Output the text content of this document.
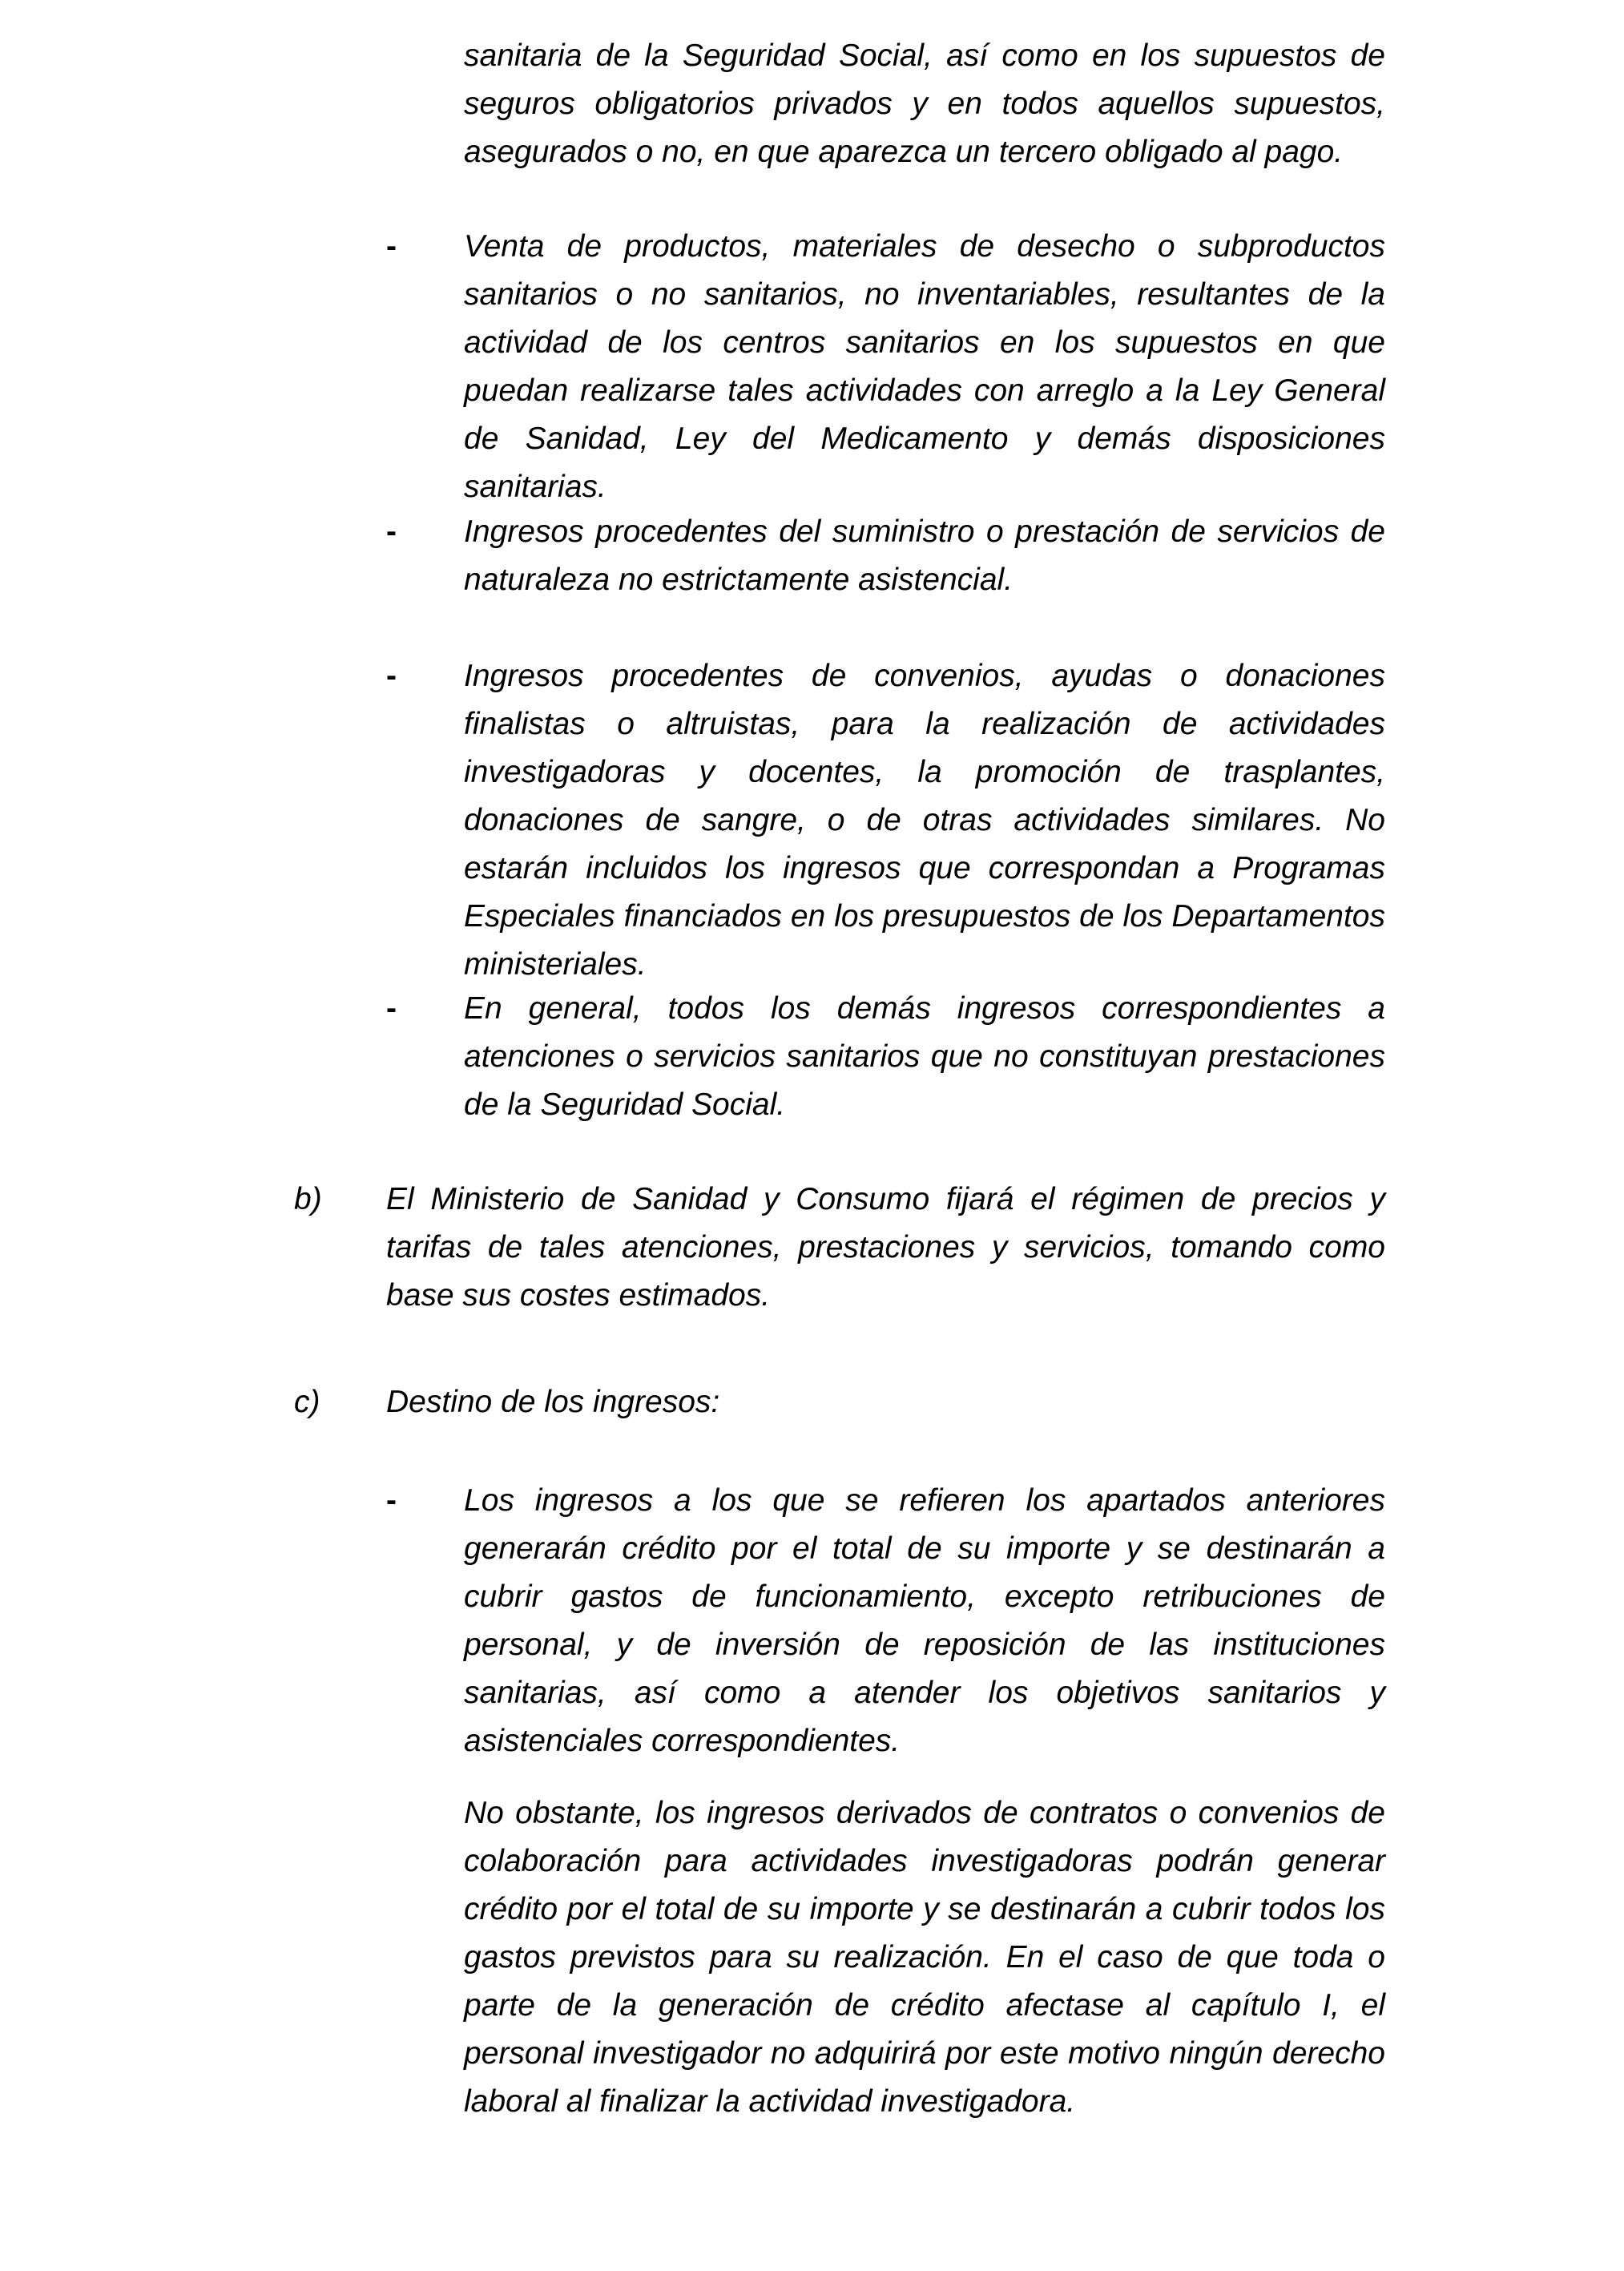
sanitaria de la Seguridad Social, así como en los supuestos de seguros obligatorios privados y en todos aquellos supuestos, asegurados o no, en que aparezca un tercero obligado al pago.

- Venta de productos, materiales de desecho o subproductos sanitarios o no sanitarios, no inventariables, resultantes de la actividad de los centros sanitarios en los supuestos en que puedan realizarse tales actividades con arreglo a la Ley General de Sanidad, Ley del Medicamento y demás disposiciones sanitarias.

- Ingresos procedentes del suministro o prestación de servicios de naturaleza no estrictamente asistencial.

- Ingresos procedentes de convenios, ayudas o donaciones finalistas o altruistas, para la realización de actividades investigadoras y docentes, la promoción de trasplantes, donaciones de sangre, o de otras actividades similares. No estarán incluidos los ingresos que correspondan a Programas Especiales financiados en los presupuestos de los Departamentos ministeriales.

- En general, todos los demás ingresos correspondientes a atenciones o servicios sanitarios que no constituyan prestaciones de la Seguridad Social.

b) El Ministerio de Sanidad y Consumo fijará el régimen de precios y tarifas de tales atenciones, prestaciones y servicios, tomando como base sus costes estimados.

c) Destino de los ingresos:

- Los ingresos a los que se refieren los apartados anteriores generarán crédito por el total de su importe y se destinarán a cubrir gastos de funcionamiento, excepto retribuciones de personal, y de inversión de reposición de las instituciones sanitarias, así como a atender los objetivos sanitarios y asistenciales correspondientes.

No obstante, los ingresos derivados de contratos o convenios de colaboración para actividades investigadoras podrán generar crédito por el total de su importe y se destinarán a cubrir todos los gastos previstos para su realización. En el caso de que toda o parte de la generación de crédito afectase al capítulo I, el personal investigador no adquirirá por este motivo ningún derecho laboral al finalizar la actividad investigadora.
